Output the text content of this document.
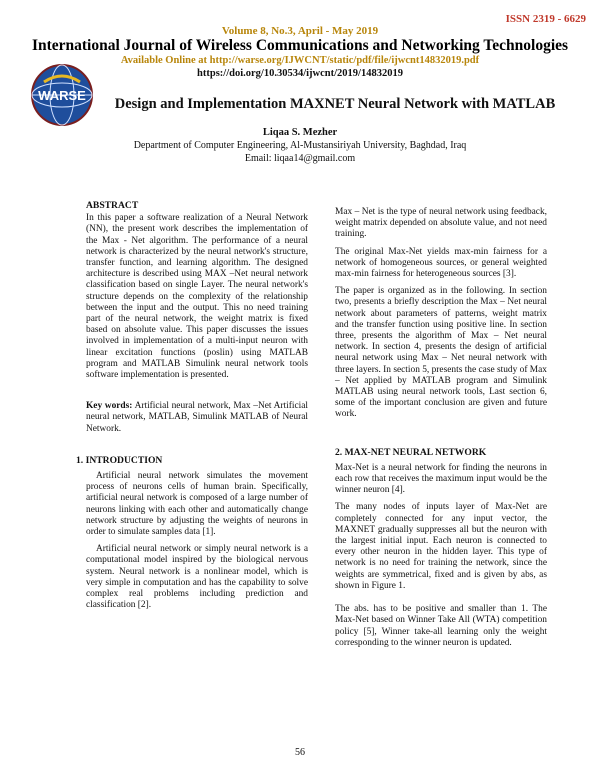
ISSN 2319 - 6629
Volume 8, No.3, April - May 2019
International Journal of Wireless Communications and Networking Technologies
Available Online at http://warse.org/IJWCNT/static/pdf/file/ijwcnt14832019.pdf
https://doi.org/10.30534/ijwcnt/2019/14832019
WARSE
Design and Implementation MAXNET Neural Network with MATLAB
Liqaa S. Mezher
Department of Computer Engineering, Al-Mustansiriyah University, Baghdad, Iraq
Email: liqaa14@gmail.com
ABSTRACT

In this paper a software realization of a Neural Network (NN), the present work describes the implementation of the Max - Net algorithm. The performance of a neural network is characterized by the neural network's structure, transfer function, and learning algorithm. The designed architecture is described using MAX –Net neural network classification based on single Layer. The neural network's structure depends on the complexity of the relationship between the input and the output. This no need training part of the neural network, the weight matrix is fixed based on absolute value. This paper discusses the issues involved in implementation of a multi-input neuron with linear excitation functions (poslin) using MATLAB program and MATLAB Simulink neural network tools software implementation is presented.

Key words: Artificial neural network, Max –Net Artificial neural network, MATLAB, Simulink MATLAB of Neural Network.

1. INTRODUCTION

Artificial neural network simulates the movement process of neurons cells of human brain. Specifically, artificial neural network is composed of a large number of neurons linking with each other and automatically change network structure by adjusting the weights of neurons in order to simulate samples data [1].

Artificial neural network or simply neural network is a computational model inspired by the biological nervous system. Neural network is a nonlinear model, which is very simple in computation and has the capability to solve complex real problems including prediction and classification [2].

Max – Net is the type of neural network using feedback, weight matrix depended on absolute value, and not need training.

The original Max-Net yields max-min fairness for a network of homogeneous sources, or general weighted max-min fairness for heterogeneous sources [3].

The paper is organized as in the following. In section two, presents a briefly description the Max – Net neural network about parameters of patterns, weight matrix and the transfer function using positive line. In section three, presents the algorithm of Max – Net neural network. In section 4, presents the design of artificial neural network using Max – Net neural network with three layers. In section 5, presents the case study of Max – Net applied by MATLAB program and Simulink MATLAB using neural network tools, Last section 6, some of the important conclusion are given and future work.

2. MAX-NET NEURAL NETWORK

Max-Net is a neural network for finding the neurons in each row that receives the maximum input would be the winner neuron [4].

The many nodes of inputs layer of Max-Net are completely connected for any input vector, the MAXNET gradually suppresses all but the neuron with the largest initial input. Each neuron is connected to every other neuron in the hidden layer. This type of network is no need for training the network, since the weights are symmetrical, fixed and is given by abs, as shown in Figure 1.

The abs. has to be positive and smaller than 1. The Max-Net based on Winner Take All (WTA) competition policy [5], Winner take-all learning only the weight corresponding to the winner neuron is updated.

56
